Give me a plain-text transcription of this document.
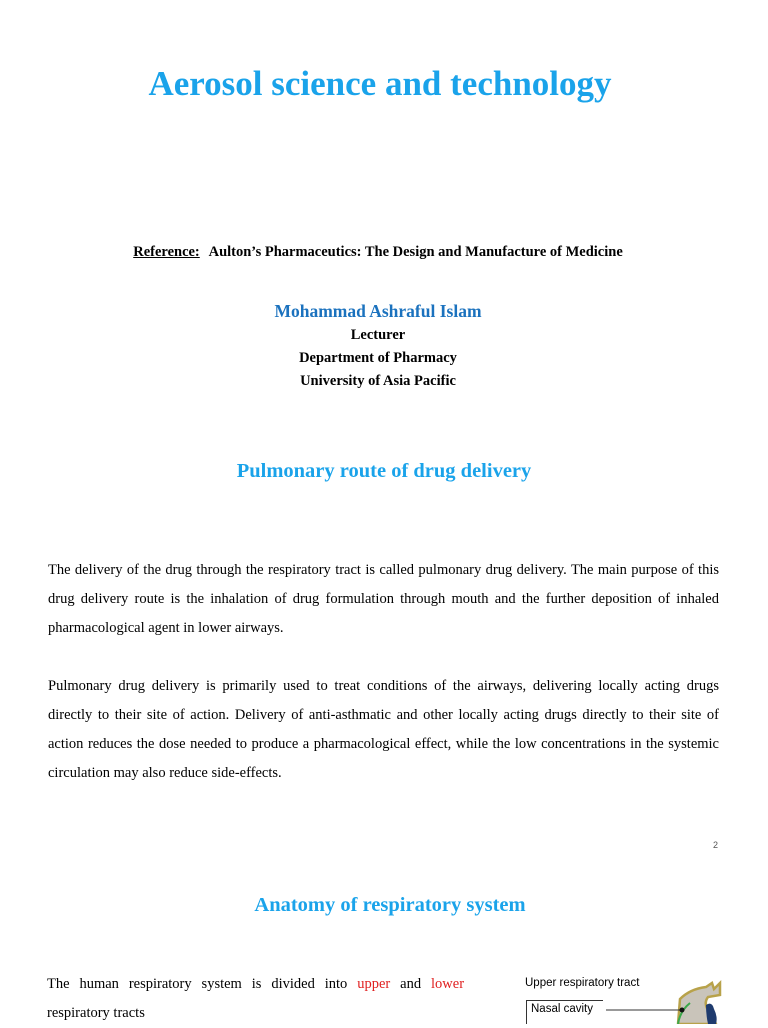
Aerosol science and technology
Reference: Aulton’s Pharmaceutics: The Design and Manufacture of Medicine
Mohammad Ashraful Islam
Lecturer
Department of Pharmacy
University of Asia Pacific
Pulmonary route of drug delivery
The delivery of the drug through the respiratory tract is called pulmonary drug delivery. The main purpose of this drug delivery route is the inhalation of drug formulation through mouth and the further deposition of inhaled pharmacological agent in lower airways.
Pulmonary drug delivery is primarily used to treat conditions of the airways, delivering locally acting drugs directly to their site of action. Delivery of anti-asthmatic and other locally acting drugs directly to their site of action reduces the dose needed to produce a pharmacological effect, while the low concentrations in the systemic circulation may also reduce side-effects.
2
Anatomy of respiratory system
The human respiratory system is divided into upper and lower respiratory tracts
Upper respiratory tract
Nasal cavity
